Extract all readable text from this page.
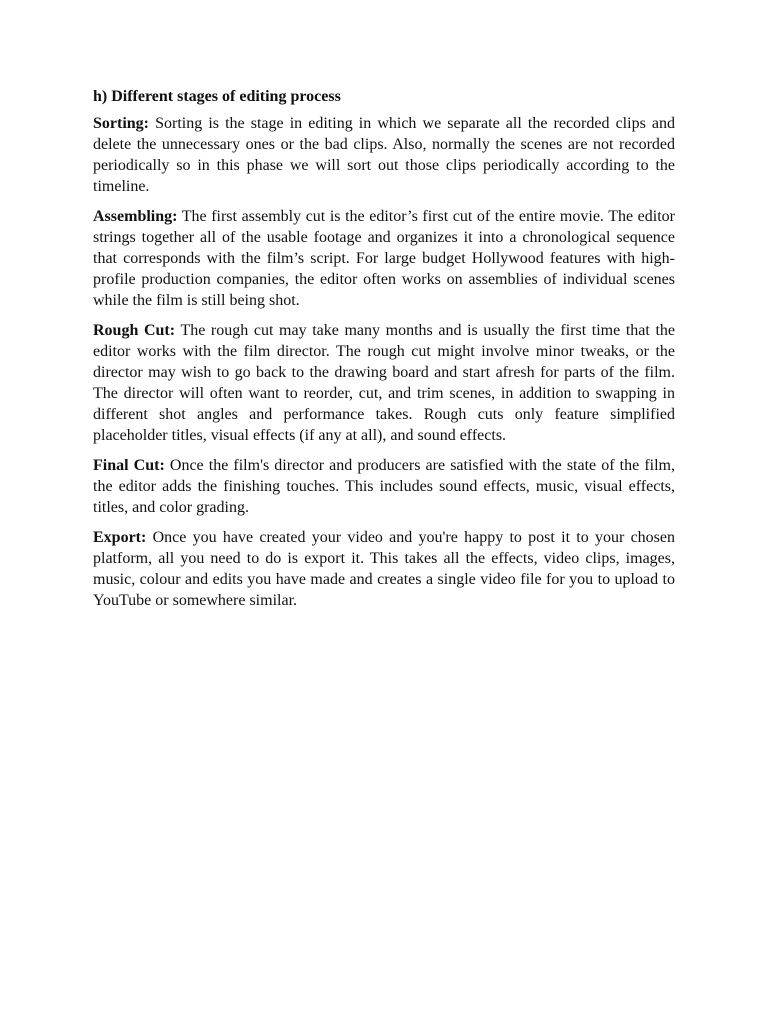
h) Different stages of editing process

Sorting: Sorting is the stage in editing in which we separate all the recorded clips and delete the unnecessary ones or the bad clips. Also, normally the scenes are not recorded periodically so in this phase we will sort out those clips periodically according to the timeline.

Assembling: The first assembly cut is the editor’s first cut of the entire movie. The editor strings together all of the usable footage and organizes it into a chronological sequence that corresponds with the film’s script. For large budget Hollywood features with high-profile production companies, the editor often works on assemblies of individual scenes while the film is still being shot.

Rough Cut: The rough cut may take many months and is usually the first time that the editor works with the film director. The rough cut might involve minor tweaks, or the director may wish to go back to the drawing board and start afresh for parts of the film. The director will often want to reorder, cut, and trim scenes, in addition to swapping in different shot angles and performance takes. Rough cuts only feature simplified placeholder titles, visual effects (if any at all), and sound effects.

Final Cut: Once the film's director and producers are satisfied with the state of the film, the editor adds the finishing touches. This includes sound effects, music, visual effects, titles, and color grading.

Export: Once you have created your video and you're happy to post it to your chosen platform, all you need to do is export it. This takes all the effects, video clips, images, music, colour and edits you have made and creates a single video file for you to upload to YouTube or somewhere similar.
